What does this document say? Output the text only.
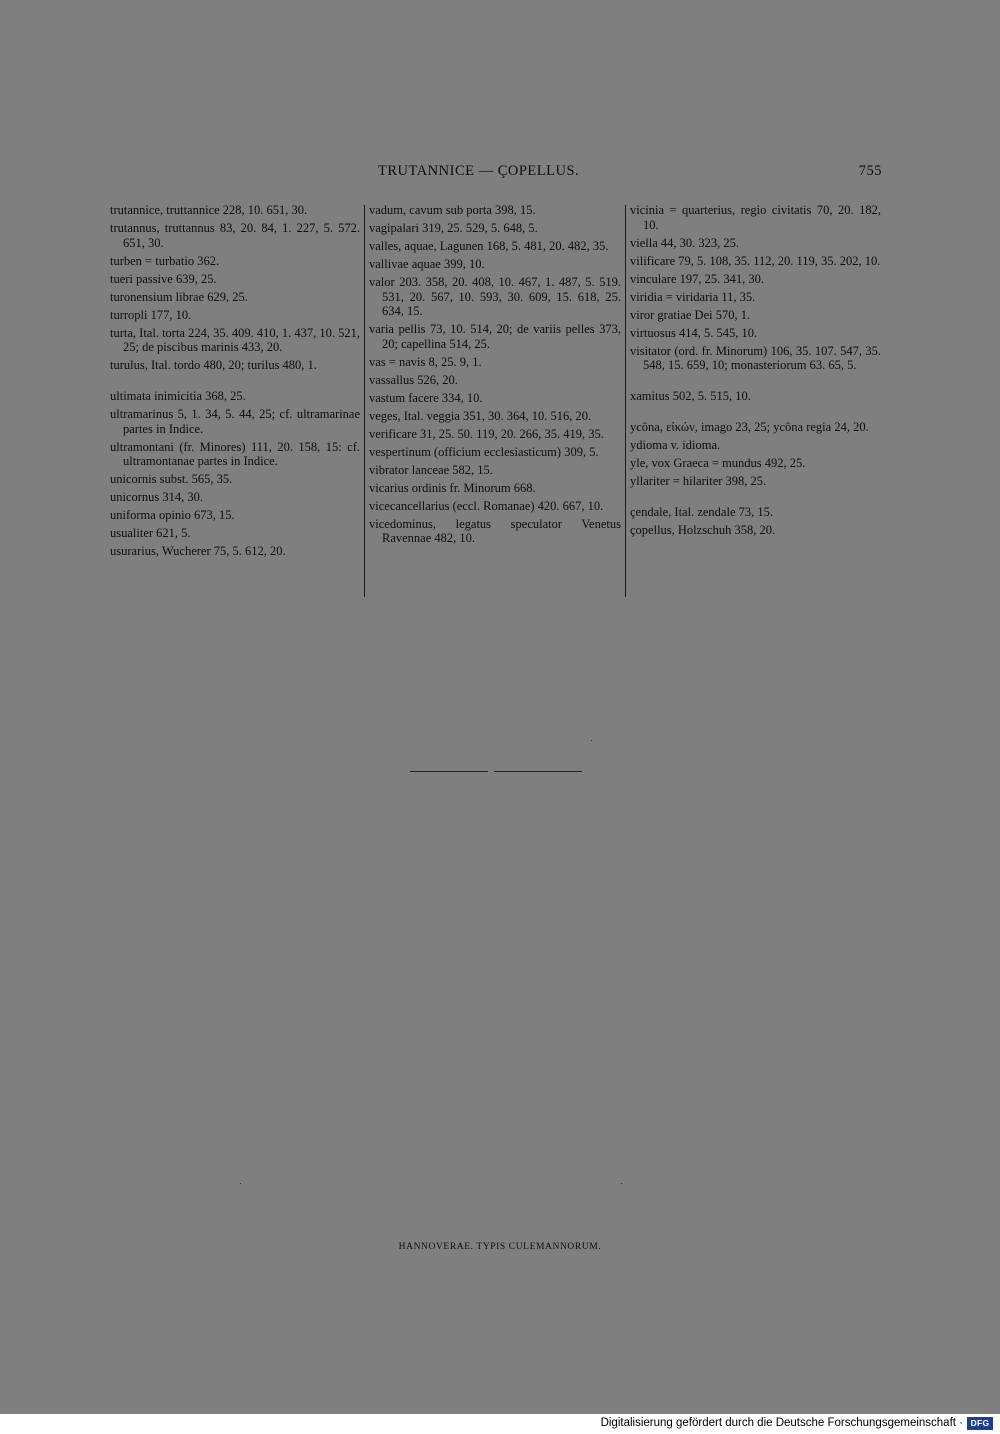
TRUTANNICE — ÇOPELLUS.	755
trutannice, truttannice 228, 10. 651, 30.
trutannus, truttannus 83, 20. 84, 1. 227, 5. 572. 651, 30.
turben = turbatio 362.
tueri passive 639, 25.
turonensium librae 629, 25.
turropli 177, 10.
turta, Ital. torta 224, 35. 409. 410, 1. 437, 10. 521, 25; de piscibus marinis 433, 20.
turulus, Ital. tordo 480, 20; turilus 480, 1.
ultimata inimicitia 368, 25.
ultramarinus 5, 1. 34, 5. 44, 25; cf. ultramarinae partes in Indice.
ultramontani (fr. Minores) 111, 20. 158, 15: cf. ultramontanae partes in Indice.
unicornis subst. 565, 35.
unicornus 314, 30.
uniforma opinio 673, 15.
usualiter 621, 5.
usurarius, Wucherer 75, 5. 612, 20.
vadum, cavum sub porta 398, 15.
vagipalari 319, 25. 529, 5. 648, 5.
valles, aquae, Lagunen 168, 5. 481, 20. 482, 35.
vallivae aquae 399, 10.
valor 203. 358, 20. 408, 10. 467, 1. 487, 5. 519. 531, 20. 567, 10. 593, 30. 609, 15. 618, 25. 634, 15.
varia pellis 73, 10. 514, 20; de variis pelles 373, 20; capellina 514, 25.
vas = navis 8, 25. 9, 1.
vassallus 526, 20.
vastum facere 334, 10.
veges, Ital. veggia 351, 30. 364, 10. 516, 20.
verificare 31, 25. 50. 119, 20. 266, 35. 419, 35.
vespertinum (officium ecclesiasticum) 309, 5.
vibrator lanceae 582, 15.
vicarius ordinis fr. Minorum 668.
vicecancellarius (eccl. Romanae) 420. 667, 10.
vicedominus, legatus speculator Venetus Ravennae 482, 10.
vicinia = quarterius, regio civitatis 70, 20. 182, 10.
viella 44, 30. 323, 25.
vilificare 79, 5. 108, 35. 112, 20. 119, 35. 202, 10.
vinculare 197, 25. 341, 30.
viridia = viridaria 11, 35.
viror gratiae Dei 570, 1.
virtuosus 414, 5. 545, 10.
visitator (ord. fr. Minorum) 106, 35. 107. 547, 35. 548, 15. 659, 10; monasteriorum 63. 65, 5.
xamitus 502, 5. 515, 10.
ycôna, εἰκών, imago 23, 25; ycôna regia 24, 20.
ydioma v. idioma.
yle, vox Graeca = mundus 492, 25.
yllariter = hilariter 398, 25.
çendale, Ital. zendale 73, 15.
çopellus, Holzschuh 358, 20.
HANNOVERAE. TYPIS CULEMANNORUM.
Digitalisierung gefördert durch die Deutsche Forschungsgemeinschaft · DFG
